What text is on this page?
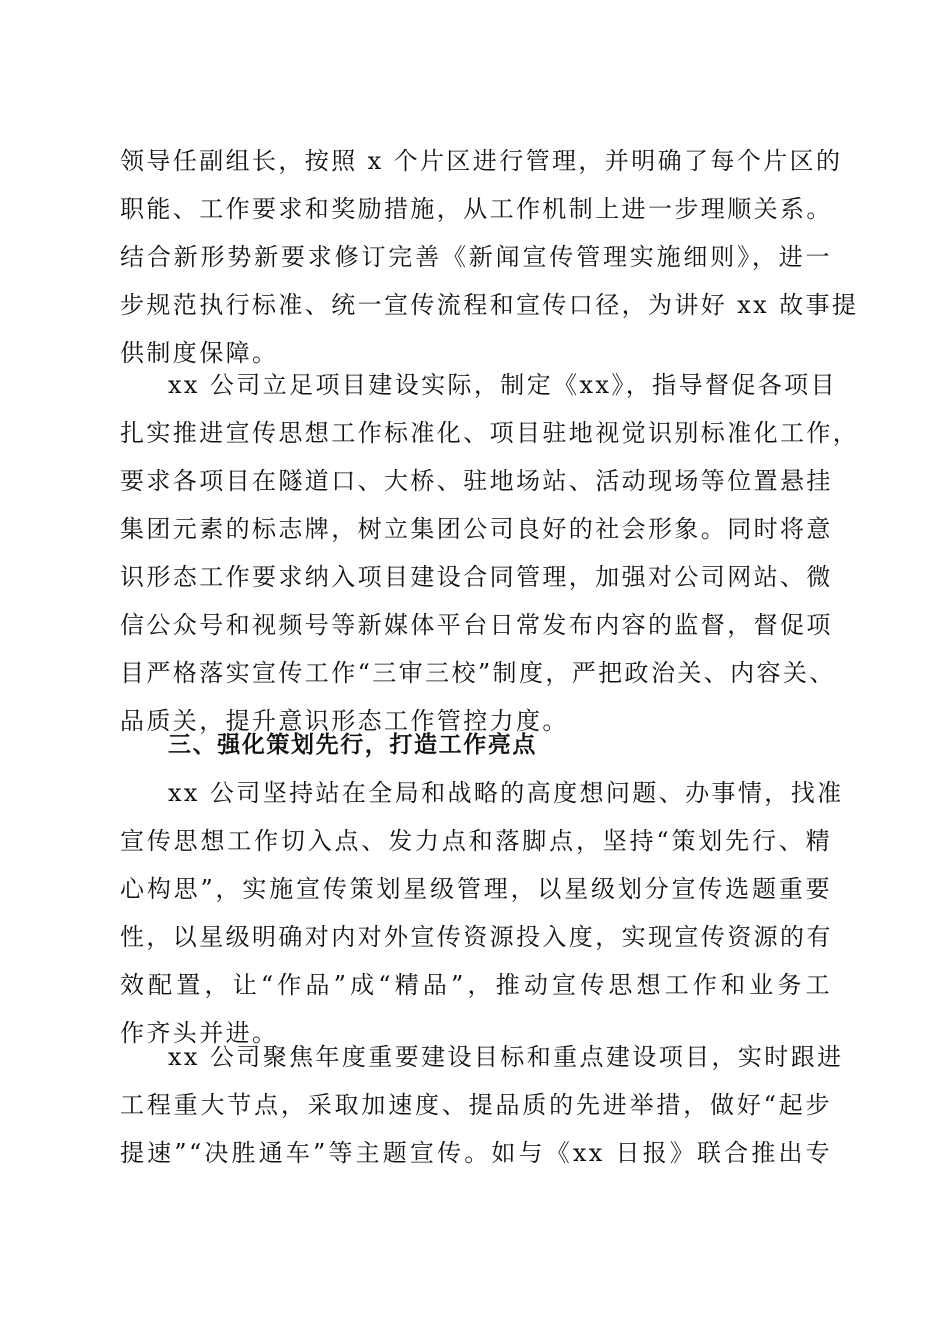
领导任副组长，按照 x 个片区进行管理，并明确了每个片区的
职能、工作要求和奖励措施，从工作机制上进一步理顺关系。
结合新形势新要求修订完善《新闻宣传管理实施细则》，进一
步规范执行标准、统一宣传流程和宣传口径，为讲好 xx 故事提
供制度保障。
xx 公司立足项目建设实际，制定《xx》，指导督促各项目
扎实推进宣传思想工作标准化、项目驻地视觉识别标准化工作，
要求各项目在隧道口、大桥、驻地场站、活动现场等位置悬挂
集团元素的标志牌，树立集团公司良好的社会形象。同时将意
识形态工作要求纳入项目建设合同管理，加强对公司网站、微
信公众号和视频号等新媒体平台日常发布内容的监督，督促项
目严格落实宣传工作“三审三校”制度，严把政治关、内容关、
品质关，提升意识形态工作管控力度。
三、强化策划先行，打造工作亮点
xx 公司坚持站在全局和战略的高度想问题、办事情，找准
宣传思想工作切入点、发力点和落脚点，坚持“策划先行、精
心构思”，实施宣传策划星级管理，以星级划分宣传选题重要
性，以星级明确对内对外宣传资源投入度，实现宣传资源的有
效配置，让“作品”成“精品”，推动宣传思想工作和业务工
作齐头并进。
xx 公司聚焦年度重要建设目标和重点建设项目，实时跟进
工程重大节点，采取加速度、提品质的先进举措，做好“起步
提速”“决胜通车”等主题宣传。如与《xx 日报》联合推出专
